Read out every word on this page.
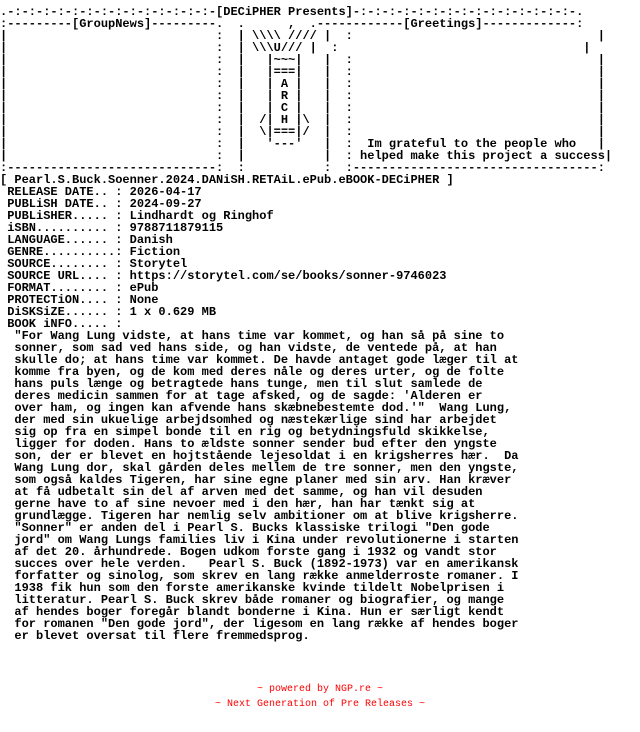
.-:-:-:-:-:-:-:-:-:-:-:-:-:-:-[DECiPHER Presents]-:-:-:-:-:-:-:-:-:-:-:-:-:-:-:-.
:---------[GroupNews]---------.  .      ,  .------------[Greetings]-------------:
|                             :  | \\\\ //// |  :                                  |
|                             :  | \\\U/// |  :                                  |
|                             :  |   |~~~|   |  :                                  |
|                             :  |   |===|   |  :                                  |
|                             :  |   | A |   |  :                                  |
|                             :  |   | R |   |  :                                  |
|                             :  |   | C |   |  :                                  |
|                             :  |  /| H |\  |  :                                  |
|                             :  |  \|===|/  |  :                                  |
|                             :  |   '---'   |  :  Im grateful to the people who   |
|                             :  |           |  : helped make this project a success|
:-----------------------------:  :           :  :----------------------------------:
[ Pearl.S.Buck.Soenner.2024.DANiSH.RETAiL.ePub.eBOOK-DECiPHER ]
RELEASE DATE.. : 2026-04-17
PUBLiSH DATE.. : 2024-09-27
PUBLiSHER..... : Lindhardt og Ringhof
iSBN.......... : 9788711879115
LANGUAGE...... : Danish
GENRE..........: Fiction
SOURCE........ : Storytel
SOURCE URL.... : https://storytel.com/se/books/sonner-9746023
FORMAT........ : ePub
PROTECTiON.... : None
DiSKSiZE...... : 1 x 0.629 MB
BOOK iNFO..... :
"For Wang Lung vidste, at hans time var kommet, og han så på sine to
sonner, som sad ved hans side, og han vidste, de ventede på, at han
skulle do; at hans time var kommet. De havde antaget gode læger til at
komme fra byen, og de kom med deres nåle og deres urter, og de folte
hans puls længe og betragtede hans tunge, men til slut samlede de
deres medicin sammen for at tage afsked, og de sagde: 'Alderen er
over ham, og ingen kan afvende hans skæbnebestemte dod.'"  Wang Lung,
der med sin ukuelige arbejdsomhed og næstekærlige sind har arbejdet
sig op fra en simpel bonde til en rig og betydningsfuld skikkelse,
ligger for doden. Hans to ældste sonner sender bud efter den yngste
son, der er blevet en hojtstående lejesoldat i en krigsherres hær.  Da
Wang Lung dor, skal gården deles mellem de tre sonner, men den yngste,
som også kaldes Tigeren, har sine egne planer med sin arv. Han kræver
at få udbetalt sin del af arven med det samme, og han vil desuden
gerne have to af sine nevoer med i den hær, han har tænkt sig at
grundlægge. Tigeren har nemlig selv ambitioner om at blive krigsherre.
"Sonner" er anden del i Pearl S. Bucks klassiske trilogi "Den gode
jord" om Wang Lungs families liv i Kina under revolutionerne i starten
af det 20. århundrede. Bogen udkom forste gang i 1932 og vandt stor
succes over hele verden.   Pearl S. Buck (1892-1973) var en amerikansk
forfatter og sinolog, som skrev en lang række anmelderroste romaner. I
1938 fik hun som den forste amerikanske kvinde tildelt Nobelprisen i
litteratur. Pearl S. Buck skrev både romaner og biografier, og mange
af hendes boger foregår blandt bonderne i Kina. Hun er særligt kendt
for romanen "Den gode jord", der ligesom en lang række af hendes boger
er blevet oversat til flere fremmedsprog.

~ powered by NGP.re ~
~ Next Generation of Pre Releases ~
